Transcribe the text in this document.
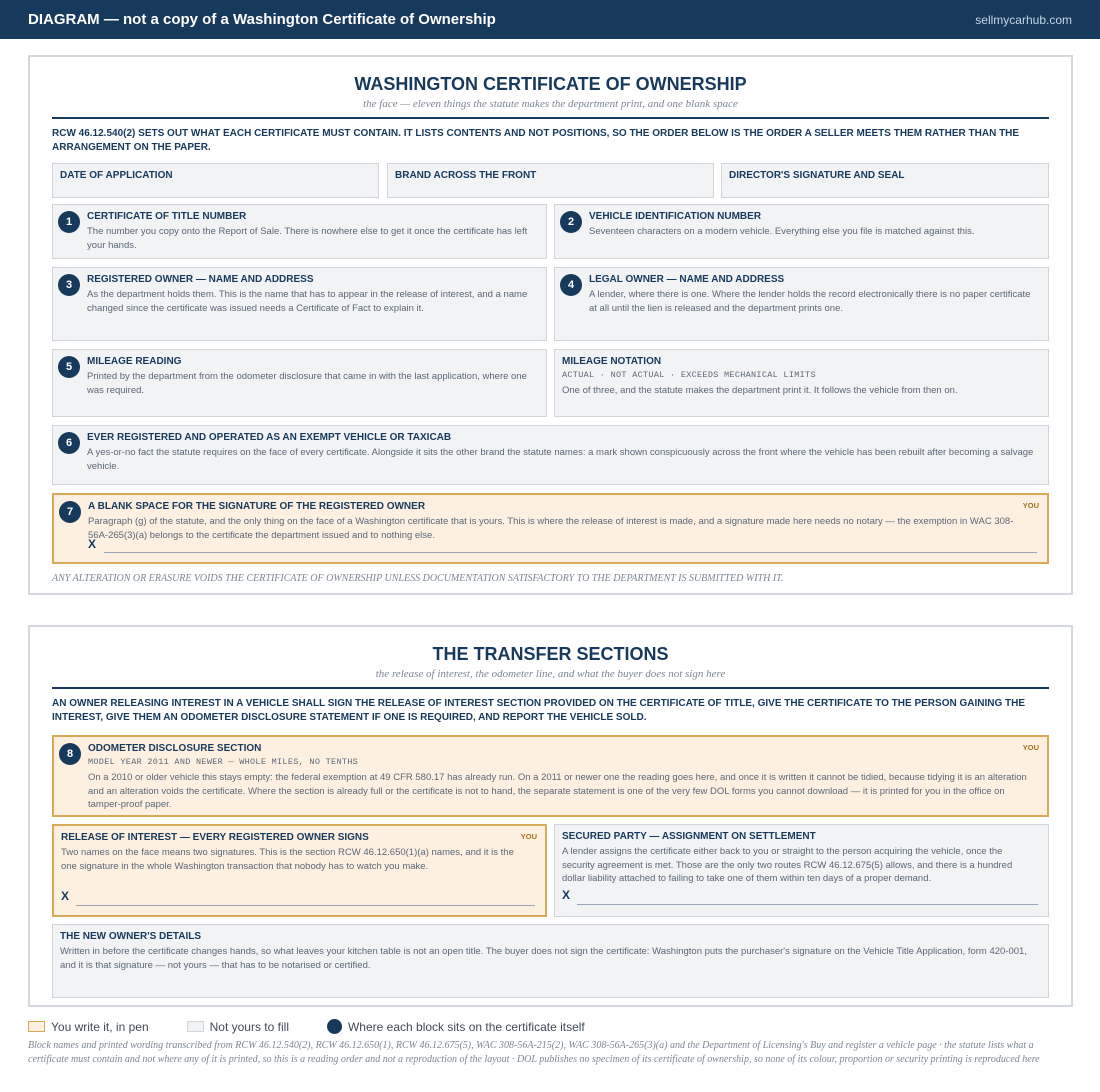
DIAGRAM — not a copy of a Washington Certificate of Ownership	sellmycarhub.com
WASHINGTON CERTIFICATE OF OWNERSHIP
the face — eleven things the statute makes the department print, and one blank space
RCW 46.12.540(2) SETS OUT WHAT EACH CERTIFICATE MUST CONTAIN. IT LISTS CONTENTS AND NOT POSITIONS, SO THE ORDER BELOW IS THE ORDER A SELLER MEETS THEM RATHER THAN THE ARRANGEMENT ON THE PAPER.
DATE OF APPLICATION	BRAND ACROSS THE FRONT	DIRECTOR'S SIGNATURE AND SEAL
1	CERTIFICATE OF TITLE NUMBER
The number you copy onto the Report of Sale. There is nowhere else to get it once the certificate has left your hands.
2	VEHICLE IDENTIFICATION NUMBER
Seventeen characters on a modern vehicle. Everything else you file is matched against this.
3	REGISTERED OWNER — NAME AND ADDRESS
As the department holds them. This is the name that has to appear in the release of interest, and a name changed since the certificate was issued needs a Certificate of Fact to explain it.
4	LEGAL OWNER — NAME AND ADDRESS
A lender, where there is one. Where the lender holds the record electronically there is no paper certificate at all until the lien is released and the department prints one.
5	MILEAGE READING
Printed by the department from the odometer disclosure that came in with the last application, where one was required.
MILEAGE NOTATION
ACTUAL · NOT ACTUAL · EXCEEDS MECHANICAL LIMITS
One of three, and the statute makes the department print it. It follows the vehicle from then on.
6	EVER REGISTERED AND OPERATED AS AN EXEMPT VEHICLE OR TAXICAB
A yes-or-no fact the statute requires on the face of every certificate. Alongside it sits the other brand the statute names: a mark shown conspicuously across the front where the vehicle has been rebuilt after becoming a salvage vehicle.
7	A BLANK SPACE FOR THE SIGNATURE OF THE REGISTERED OWNER	YOU
Paragraph (g) of the statute, and the only thing on the face of a Washington certificate that is yours. This is where the release of interest is made, and a signature made here needs no notary — the exemption in WAC 308-56A-265(3)(a) belongs to the certificate the department issued and to nothing else.
X
ANY ALTERATION OR ERASURE VOIDS THE CERTIFICATE OF OWNERSHIP UNLESS DOCUMENTATION SATISFACTORY TO THE DEPARTMENT IS SUBMITTED WITH IT.
THE TRANSFER SECTIONS
the release of interest, the odometer line, and what the buyer does not sign here
AN OWNER RELEASING INTEREST IN A VEHICLE SHALL SIGN THE RELEASE OF INTEREST SECTION PROVIDED ON THE CERTIFICATE OF TITLE, GIVE THE CERTIFICATE TO THE PERSON GAINING THE INTEREST, GIVE THEM AN ODOMETER DISCLOSURE STATEMENT IF ONE IS REQUIRED, AND REPORT THE VEHICLE SOLD.
8	ODOMETER DISCLOSURE SECTION	YOU
MODEL YEAR 2011 AND NEWER — WHOLE MILES, NO TENTHS
On a 2010 or older vehicle this stays empty: the federal exemption at 49 CFR 580.17 has already run. On a 2011 or newer one the reading goes here, and once it is written it cannot be tidied, because tidying it is an alteration and an alteration voids the certificate. Where the section is already full or the certificate is not to hand, the separate statement is one of the very few DOL forms you cannot download — it is printed for you in the office on tamper-proof paper.
RELEASE OF INTEREST — EVERY REGISTERED OWNER SIGNS	YOU
Two names on the face means two signatures. This is the section RCW 46.12.650(1)(a) names, and it is the one signature in the whole Washington transaction that nobody has to watch you make.
X
SECURED PARTY — ASSIGNMENT ON SETTLEMENT
A lender assigns the certificate either back to you or straight to the person acquiring the vehicle, once the security agreement is met. Those are the only two routes RCW 46.12.675(5) allows, and there is a hundred dollar liability attached to failing to take one of them within ten days of a proper demand.
X
THE NEW OWNER'S DETAILS
Written in before the certificate changes hands, so what leaves your kitchen table is not an open title. The buyer does not sign the certificate: Washington puts the purchaser's signature on the Vehicle Title Application, form 420-001, and it is that signature — not yours — that has to be notarised or certified.
You write it, in pen	Not yours to fill	Where each block sits on the certificate itself
Block names and printed wording transcribed from RCW 46.12.540(2), RCW 46.12.650(1), RCW 46.12.675(5), WAC 308-56A-215(2), WAC 308-56A-265(3)(a) and the Department of Licensing's Buy and register a vehicle page · the statute lists what a certificate must contain and not where any of it is printed, so this is a reading order and not a reproduction of the layout · DOL publishes no specimen of its certificate of ownership, so none of its colour, proportion or security printing is reproduced here
